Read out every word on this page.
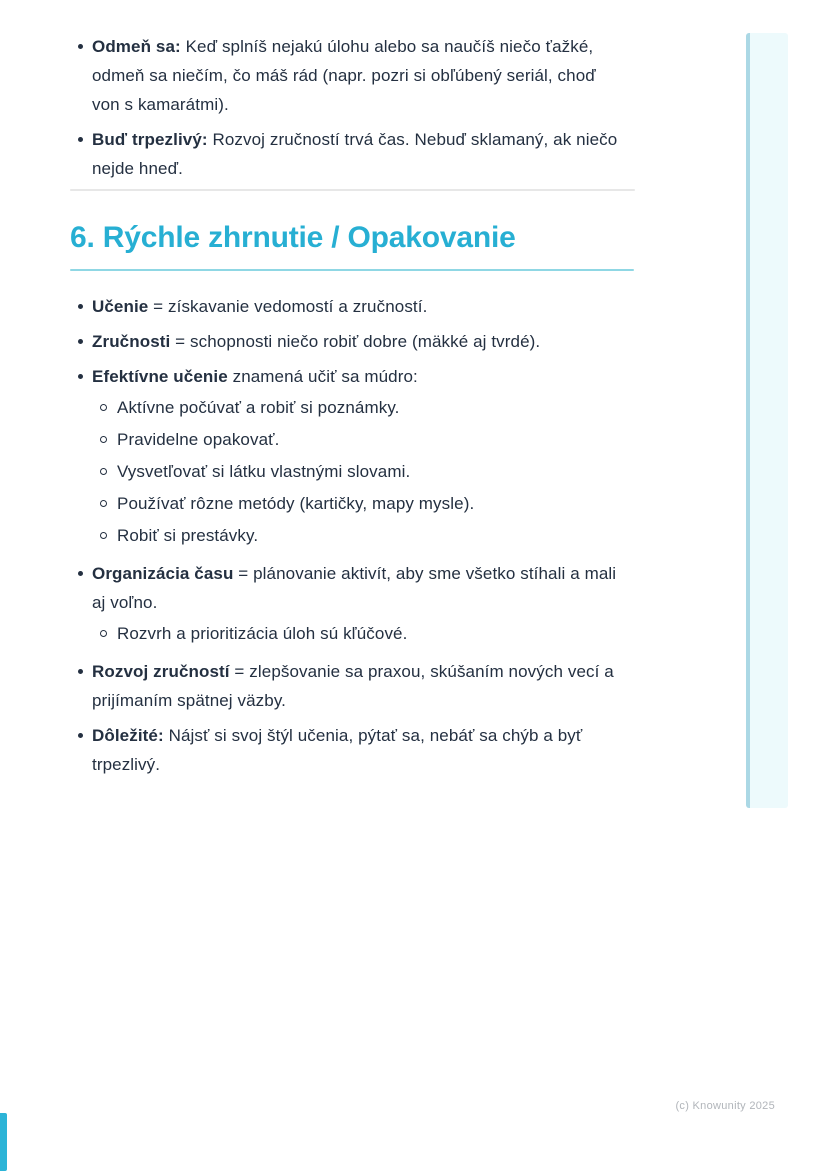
Odmeň sa: Keď splníš nejakú úlohu alebo sa naučíš niečo ťažké,
odmeň sa niečím, čo máš rád (napr. pozri si obľúbený seriál, choď
von s kamarátmi).

Buď trpezlivý: Rozvoj zručností trvá čas. Nebuď sklamaný, ak niečo
nejde hneď.

6. Rýchle zhrnutie / Opakovanie

Učenie = získavanie vedomostí a zručností.

Zručnosti = schopnosti niečo robiť dobre (mäkké aj tvrdé).

Efektívne učenie znamená učiť sa múdro:

Aktívne počúvať a robiť si poznámky.

Pravidelne opakovať.

Vysvetľovať si látku vlastnými slovami.

Používať rôzne metódy (kartičky, mapy mysle).

Robiť si prestávky.

Organizácia času = plánovanie aktivít, aby sme všetko stíhali a mali
aj voľno.

Rozvrh a prioritizácia úloh sú kľúčové.

Rozvoj zručností = zlepšovanie sa praxou, skúšaním nových vecí a
prijímaním spätnej väzby.

Dôležité: Nájsť si svoj štýl učenia, pýtať sa, nebáť sa chýb a byť
trpezlivý.

(c) Knowunity 2025
